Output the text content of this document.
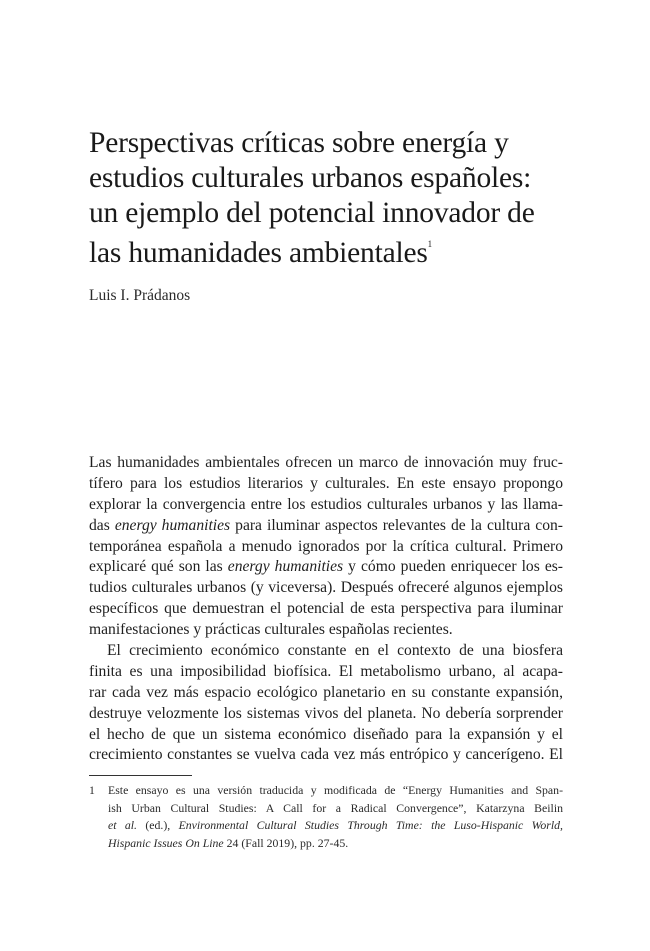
Perspectivas críticas sobre energía y
estudios culturales urbanos españoles:
un ejemplo del potencial innovador de
las humanidades ambientales$^1$

Luis I. Prádanos

Las humanidades ambientales ofrecen un marco de innovación muy fruc-
tífero para los estudios literarios y culturales. En este ensayo propongo
explorar la convergencia entre los estudios culturales urbanos y las llama-
das energy humanities para iluminar aspectos relevantes de la cultura con-
temporánea española a menudo ignorados por la crítica cultural. Primero
explicaré qué son las energy humanities y cómo pueden enriquecer los es-
tudios culturales urbanos (y viceversa). Después ofreceré algunos ejemplos
específicos que demuestran el potencial de esta perspectiva para iluminar
manifestaciones y prácticas culturales españolas recientes.
El crecimiento económico constante en el contexto de una biosfera
finita es una imposibilidad biofísica. El metabolismo urbano, al acapa-
rar cada vez más espacio ecológico planetario en su constante expansión,
destruye velozmente los sistemas vivos del planeta. No debería sorprender
el hecho de que un sistema económico diseñado para la expansión y el
crecimiento constantes se vuelva cada vez más entrópico y cancerígeno. El
1 Este ensayo es una versión traducida y modificada de “Energy Humanities and Span-
ish Urban Cultural Studies: A Call for a Radical Convergence”, Katarzyna Beilin
et al. (ed.), Environmental Cultural Studies Through Time: the Luso-Hispanic World,
Hispanic Issues On Line 24 (Fall 2019), pp. 27-45.
